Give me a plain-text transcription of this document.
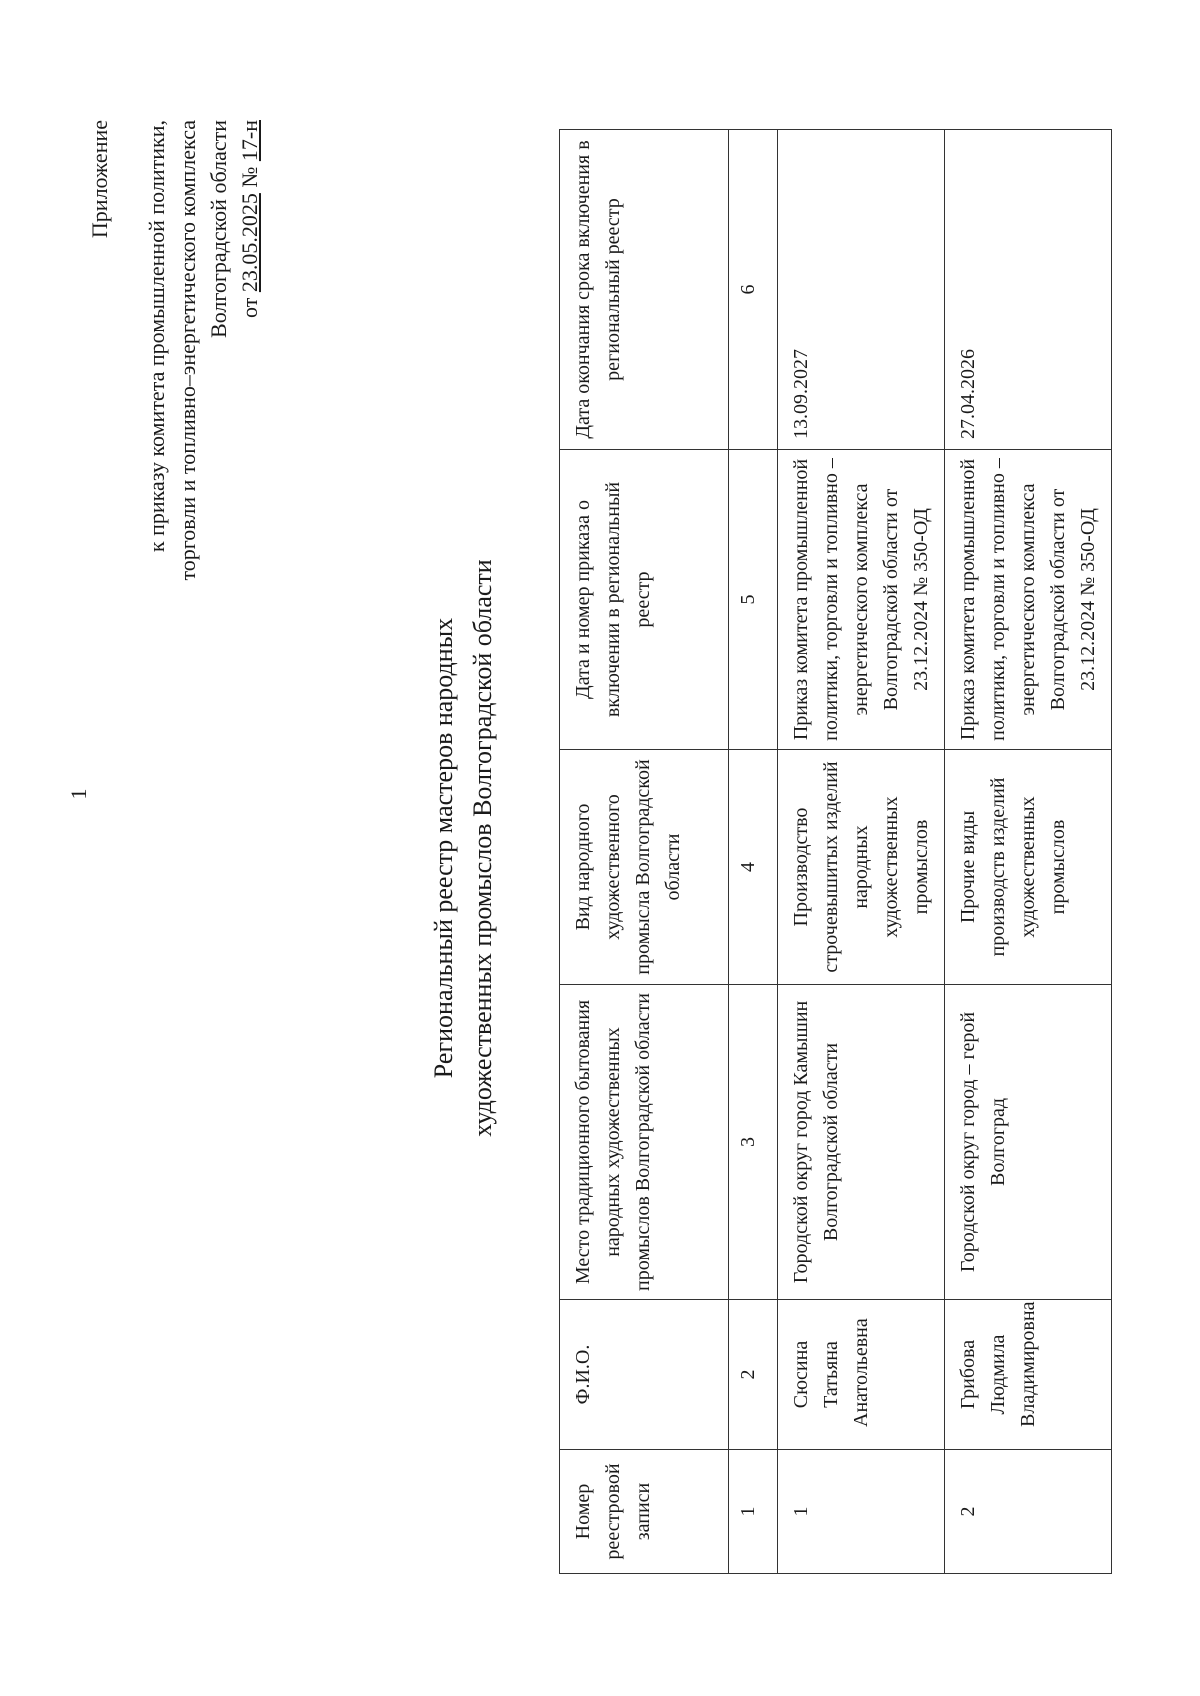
1
Приложение к приказу комитета промышленной политики, торговли и топливно–энергетического комплекса Волгоградской области от 23.05.2025 № 17-н
Региональный реестр мастеров народных художественных промыслов Волгоградской области
Номер реестровой записи	Ф.И.О.	Место традиционного бытования народных художественных промыслов Волгоградской области	Вид народного художественного промысла Волгоградской области	Дата и номер приказа о включении в региональный реестр	Дата окончания срока включения в региональный реестр
1	2	3	4	5	6
1	Сюсина Татьяна Анатольевна	Городской округ город Камышин Волгоградской области	Производство строчевышитых изделий народных художественных промыслов	Приказ комитета промышленной политики, торговли и топливно – энергетического комплекса Волгоградской области от 23.12.2024 № 350-ОД	13.09.2027
2	Грибова Людмила Владимировна	Городской округ город – герой Волгоград	Прочие виды производств изделий художественных промыслов	Приказ комитета промышленной политики, торговли и топливно – энергетического комплекса Волгоградской области от 23.12.2024 № 350-ОД	27.04.2026
